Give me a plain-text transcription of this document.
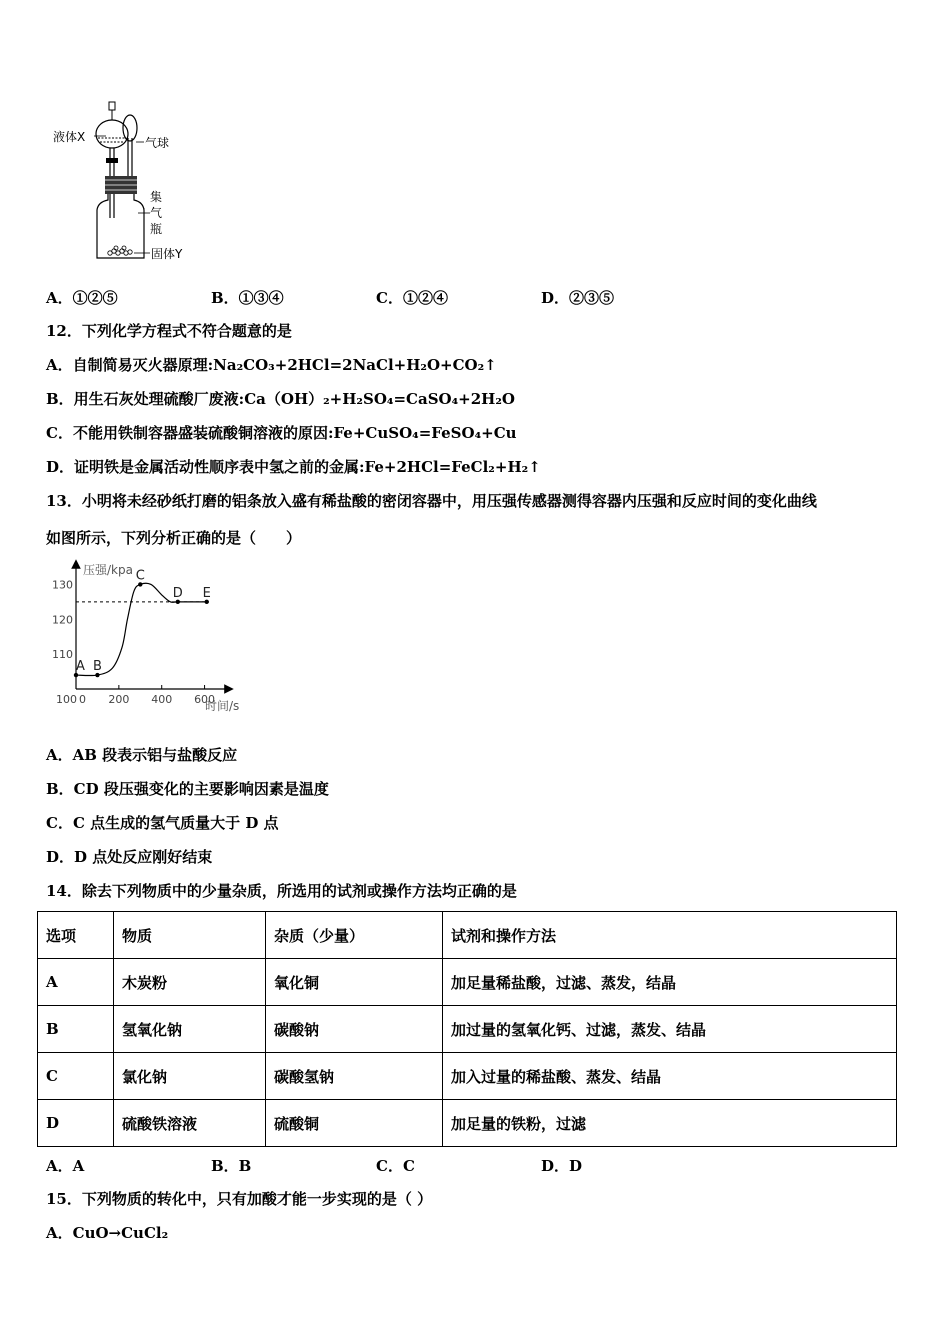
液体X	气球
集
气
瓶
固体Y
A．①②⑤	B．①③④	C．①②④	D．②③⑤
12．下列化学方程式不符合题意的是
A．自制简易灭火器原理:Na₂CO₃+2HCl=2NaCl+H₂O+CO₂↑
B．用生石灰处理硫酸厂废液:Ca（OH）₂+H₂SO₄=CaSO₄+2H₂O
C．不能用铁制容器盛装硫酸铜溶液的原因:Fe+CuSO₄=FeSO₄+Cu
D．证明铁是金属活动性顺序表中氢之前的金属:Fe+2HCl=FeCl₂+H₂↑
13．小明将未经砂纸打磨的铝条放入盛有稀盐酸的密闭容器中，用压强传感器测得容器内压强和反应时间的变化曲线
如图所示，下列分析正确的是（　　）
压强/kpa
时间/s
0 200 400 600
100
110
120
130
A B
C
D E
A．AB 段表示铝与盐酸反应
B．CD 段压强变化的主要影响因素是温度
C．C 点生成的氢气质量大于 D 点
D．D 点处反应刚好结束
14．除去下列物质中的少量杂质，所选用的试剂或操作方法均正确的是
选项	物质	杂质（少量）	试剂和操作方法
A	木炭粉	氧化铜	加足量稀盐酸，过滤、蒸发，结晶
B	氢氧化钠	碳酸钠	加过量的氢氧化钙、过滤，蒸发、结晶
C	氯化钠	碳酸氢钠	加入过量的稀盐酸、蒸发、结晶
D	硫酸铁溶液	硫酸铜	加足量的铁粉，过滤
A．A	B．B	C．C	D．D
15．下列物质的转化中，只有加酸才能一步实现的是（ ）
A．CuO→CuCl₂
